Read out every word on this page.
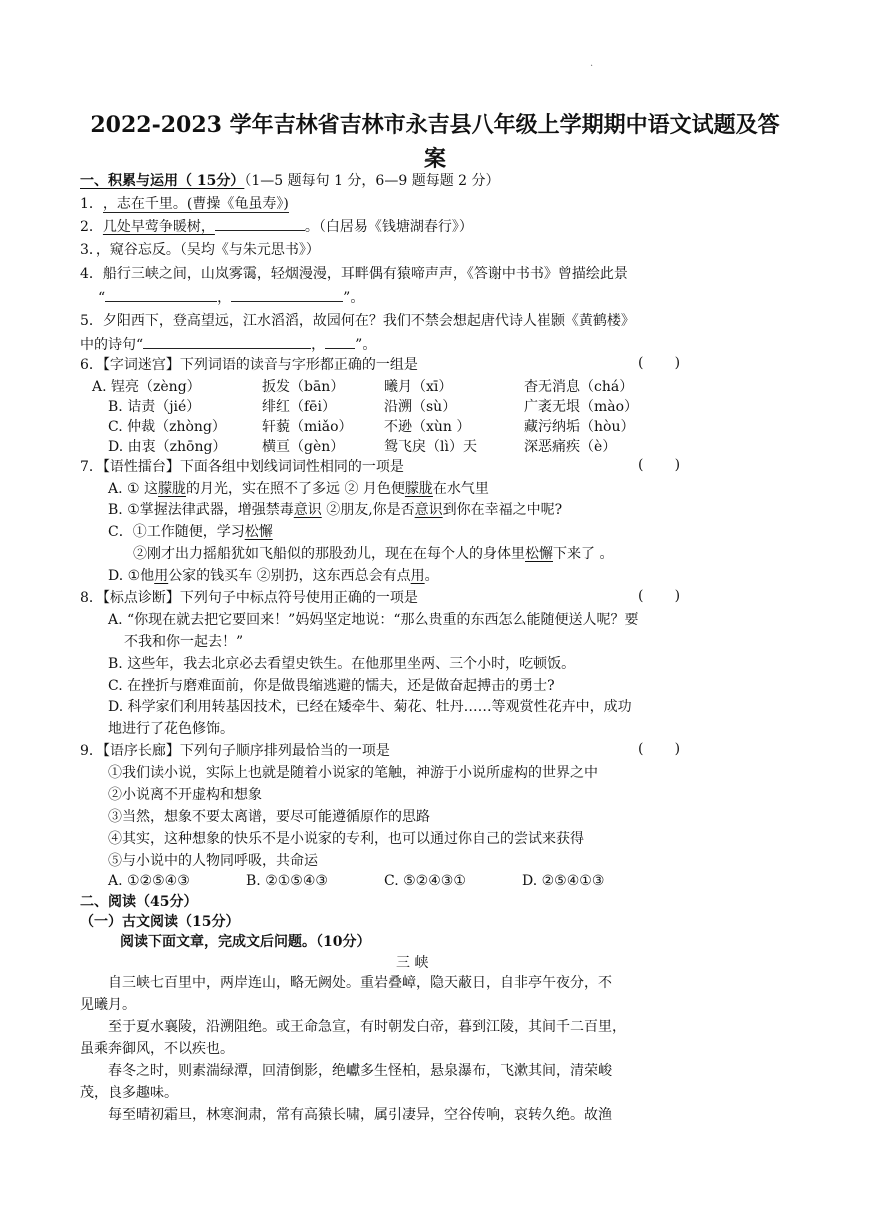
.
2022-2023 学年吉林省吉林市永吉县八年级上学期期中语文试题及答
案
一、积累与运用（ 15分）（1—5 题每句 1 分，6—9 题每题 2 分）
1．，志在千里。(曹操《龟虽寿》)
2．几处早莺争暖树，	。（白居易《钱塘湖春行》）
3．，窥谷忘反。（吴均《与朱元思书》）
4．船行三峡之间，山岚雾霭，轻烟漫漫，耳畔偶有猿啼声声，《答谢中书书》曾描绘此景
“	，	”。
5．夕阳西下，登高望远，江水滔滔，故园何在？我们不禁会想起唐代诗人崔颢《黄鹤楼》
中的诗句“	， ”。
6．【字词迷宫】下列词语的读音与字形都正确的一组是	(       )
A. 锃亮（zèng）	扳发（bān）	曦月（xī）	杳无消息（chá）
B. 诘责（jié）	绯红（fēi）	沿溯（sù）	广袤无垠（mào）
C. 仲裁（zhòng）	轩藐（miǎo） 不逊（xùn ）	藏污纳垢（hòu）
D. 由衷（zhōng）	横亘（gèn）	鸳飞戾（lì）天	深恶痛疾（è）
7．【语性擂台】下面各组中划线词词性相同的一项是	(       )
A. ① 这朦胧的月光，实在照不了多远 ② 月色便朦胧在水气里
B. ①掌握法律武器，增强禁毒意识 ②朋友,你是否意识到你在幸福之中呢?
C．①工作随便，学习松懈
②刚才出力摇船犹如飞船似的那股劲儿，现在在每个人的身体里松懈下来了 。
D. ①他用公家的钱买车 ②别扔，这东西总会有点用。
8．【标点诊断】下列句子中标点符号使用正确的一项是	(       )
A. “你现在就去把它要回来！”妈妈坚定地说：“那么贵重的东西怎么能随便送人呢？要
不我和你一起去！”
B. 这些年，我去北京必去看望史铁生。在他那里坐两、三个小时，吃顿饭。
C. 在挫折与磨难面前，你是做畏缩逃避的懦夫，还是做奋起搏击的勇士?
D. 科学家们利用转基因技术，已经在矮牵牛、菊花、牡丹……等观赏性花卉中，成功
地进行了花色修饰。
9．【语序长廊】下列句子顺序排列最恰当的一项是	(       )
①我们读小说，实际上也就是随着小说家的笔触，神游于小说所虚构的世界之中
②小说离不开虚构和想象
③当然，想象不要太离谱，要尽可能遵循原作的思路
④其实，这种想象的快乐不是小说家的专利，也可以通过你自己的尝试来获得
⑤与小说中的人物同呼吸，共命运
A. ①②⑤④③	B. ②①⑤④③	C. ⑤②④③①	D. ②⑤④①③
二、阅读（45分）
（一）古文阅读（15分）
阅读下面文章，完成文后问题。（10分）
三 峡
自三峡七百里中，两岸连山，略无阙处。重岩叠嶂，隐天蔽日，自非亭午夜分，不
见曦月。
至于夏水襄陵，沿溯阻绝。或王命急宣，有时朝发白帝，暮到江陵，其间千二百里，
虽乘奔御风，不以疾也。
春冬之时，则素湍绿潭，回清倒影，绝巘多生怪柏，悬泉瀑布，飞漱其间，清荣峻
茂，良多趣味。
每至晴初霜旦，林寒涧肃，常有高猿长啸，属引凄异，空谷传响，哀转久绝。故渔
